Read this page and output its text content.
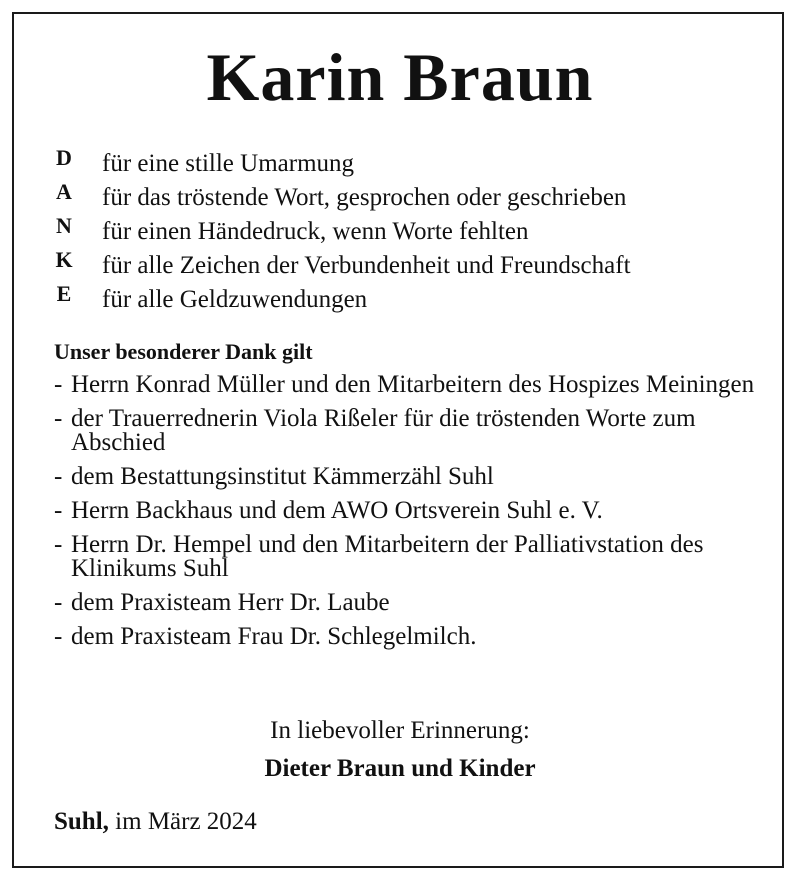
Karin Braun
D für eine stille Umarmung
A für das tröstende Wort, gesprochen oder geschrieben
N für einen Händedruck, wenn Worte fehlten
K für alle Zeichen der Verbundenheit und Freundschaft
E für alle Geldzuwendungen
Unser besonderer Dank gilt
- Herrn Konrad Müller und den Mitarbeitern des Hospizes Meiningen
- der Trauerrednerin Viola Rißeler für die tröstenden Worte zum Abschied
- dem Bestattungsinstitut Kämmerzähl Suhl
- Herrn Backhaus und dem AWO Ortsverein Suhl e. V.
- Herrn Dr. Hempel und den Mitarbeitern der Palliativstation des Klinikums Suhl
- dem Praxisteam Herr Dr. Laube
- dem Praxisteam Frau Dr. Schlegelmilch.
In liebevoller Erinnerung:
Dieter Braun und Kinder
Suhl, im März 2024
